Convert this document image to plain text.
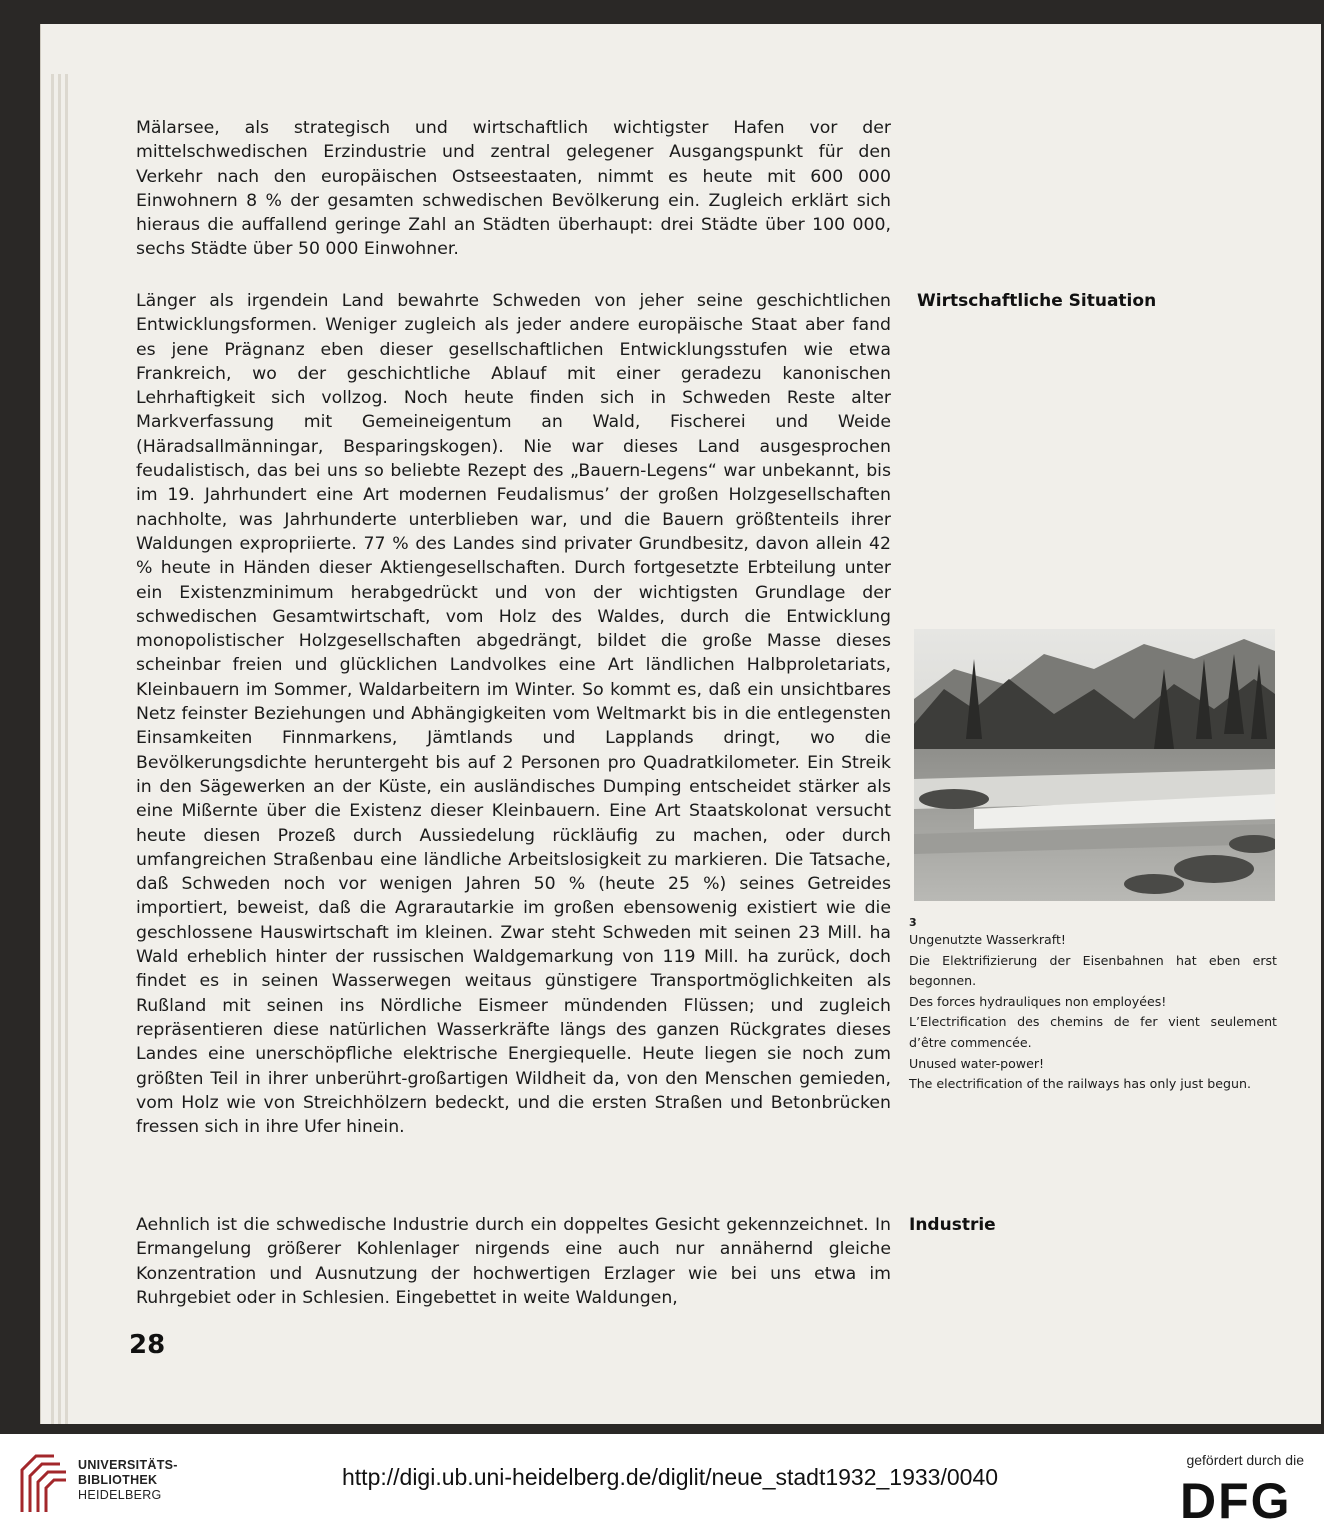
Mälarsee, als strategisch und wirtschaftlich wichtigster Hafen vor der mittelschwedischen Erzindustrie und zentral gelegener Ausgangspunkt für den Verkehr nach den europäischen Ostseestaaten, nimmt es heute mit 600 000 Einwohnern 8 % der gesamten schwedischen Bevölkerung ein. Zugleich erklärt sich hieraus die auffallend geringe Zahl an Städten überhaupt: drei Städte über 100 000, sechs Städte über 50 000 Einwohner.

Wirtschaftliche Situation

Länger als irgendein Land bewahrte Schweden von jeher seine geschichtlichen Entwicklungsformen. Weniger zugleich als jeder andere europäische Staat aber fand es jene Prägnanz eben dieser gesellschaftlichen Entwicklungsstufen wie etwa Frankreich, wo der geschichtliche Ablauf mit einer geradezu kanonischen Lehrhaftigkeit sich vollzog. Noch heute finden sich in Schweden Reste alter Markverfassung mit Gemeineigentum an Wald, Fischerei und Weide (Häradsallmänningar, Besparingskogen). Nie war dieses Land ausgesprochen feudalistisch, das bei uns so beliebte Rezept des „Bauern-Legens“ war unbekannt, bis im 19. Jahrhundert eine Art modernen Feudalismus’ der großen Holzgesellschaften nachholte, was Jahrhunderte unterblieben war, und die Bauern größtenteils ihrer Waldungen expropriierte. 77 % des Landes sind privater Grundbesitz, davon allein 42 % heute in Händen dieser Aktiengesellschaften. Durch fortgesetzte Erbteilung unter ein Existenzminimum herabgedrückt und von der wichtigsten Grundlage der schwedischen Gesamtwirtschaft, vom Holz des Waldes, durch die Entwicklung monopolistischer Holzgesellschaften abgedrängt, bildet die große Masse dieses scheinbar freien und glücklichen Landvolkes eine Art ländlichen Halbproletariats, Kleinbauern im Sommer, Waldarbeitern im Winter. So kommt es, daß ein unsichtbares Netz feinster Beziehungen und Abhängigkeiten vom Weltmarkt bis in die entlegensten Einsamkeiten Finnmarkens, Jämtlands und Lapplands dringt, wo die Bevölkerungsdichte heruntergeht bis auf 2 Personen pro Quadratkilometer. Ein Streik in den Sägewerken an der Küste, ein ausländisches Dumping entscheidet stärker als eine Mißernte über die Existenz dieser Kleinbauern. Eine Art Staatskolonat versucht heute diesen Prozeß durch Aussiedelung rückläufig zu machen, oder durch umfangreichen Straßenbau eine ländliche Arbeitslosigkeit zu markieren. Die Tatsache, daß Schweden noch vor wenigen Jahren 50 % (heute 25 %) seines Getreides importiert, beweist, daß die Agrarautarkie im großen ebensowenig existiert wie die geschlossene Hauswirtschaft im kleinen. Zwar steht Schweden mit seinen 23 Mill. ha Wald erheblich hinter der russischen Waldgemarkung von 119 Mill. ha zurück, doch findet es in seinen Wasserwegen weitaus günstigere Transportmöglichkeiten als Rußland mit seinen ins Nördliche Eismeer mündenden Flüssen; und zugleich repräsentieren diese natürlichen Wasserkräfte längs des ganzen Rückgrates dieses Landes eine unerschöpfliche elektrische Energiequelle. Heute liegen sie noch zum größten Teil in ihrer unberührt-großartigen Wildheit da, von den Menschen gemieden, vom Holz wie von Streichhölzern bedeckt, und die ersten Straßen und Betonbrücken fressen sich in ihre Ufer hinein.

Industrie

Aehnlich ist die schwedische Industrie durch ein doppeltes Gesicht gekennzeichnet. In Ermangelung größerer Kohlenlager nirgends eine auch nur annähernd gleiche Konzentration und Ausnutzung der hochwertigen Erzlager wie bei uns etwa im Ruhrgebiet oder in Schlesien. Eingebettet in weite Waldungen,

3

Ungenutzte Wasserkraft!

Die Elektrifizierung der Eisenbahnen hat eben erst begonnen.

Des forces hydrauliques non employées!

L’Electrification des chemins de fer vient seulement d’être commencée.

Unused water-power!

The electrification of the railways has only just begun.

28

UNIVERSITÄTS-
BIBLIOTHEK
HEIDELBERG
http://digi.ub.uni-heidelberg.de/diglit/neue_stadt1932_1933/0040
gefördert durch die
DFG
